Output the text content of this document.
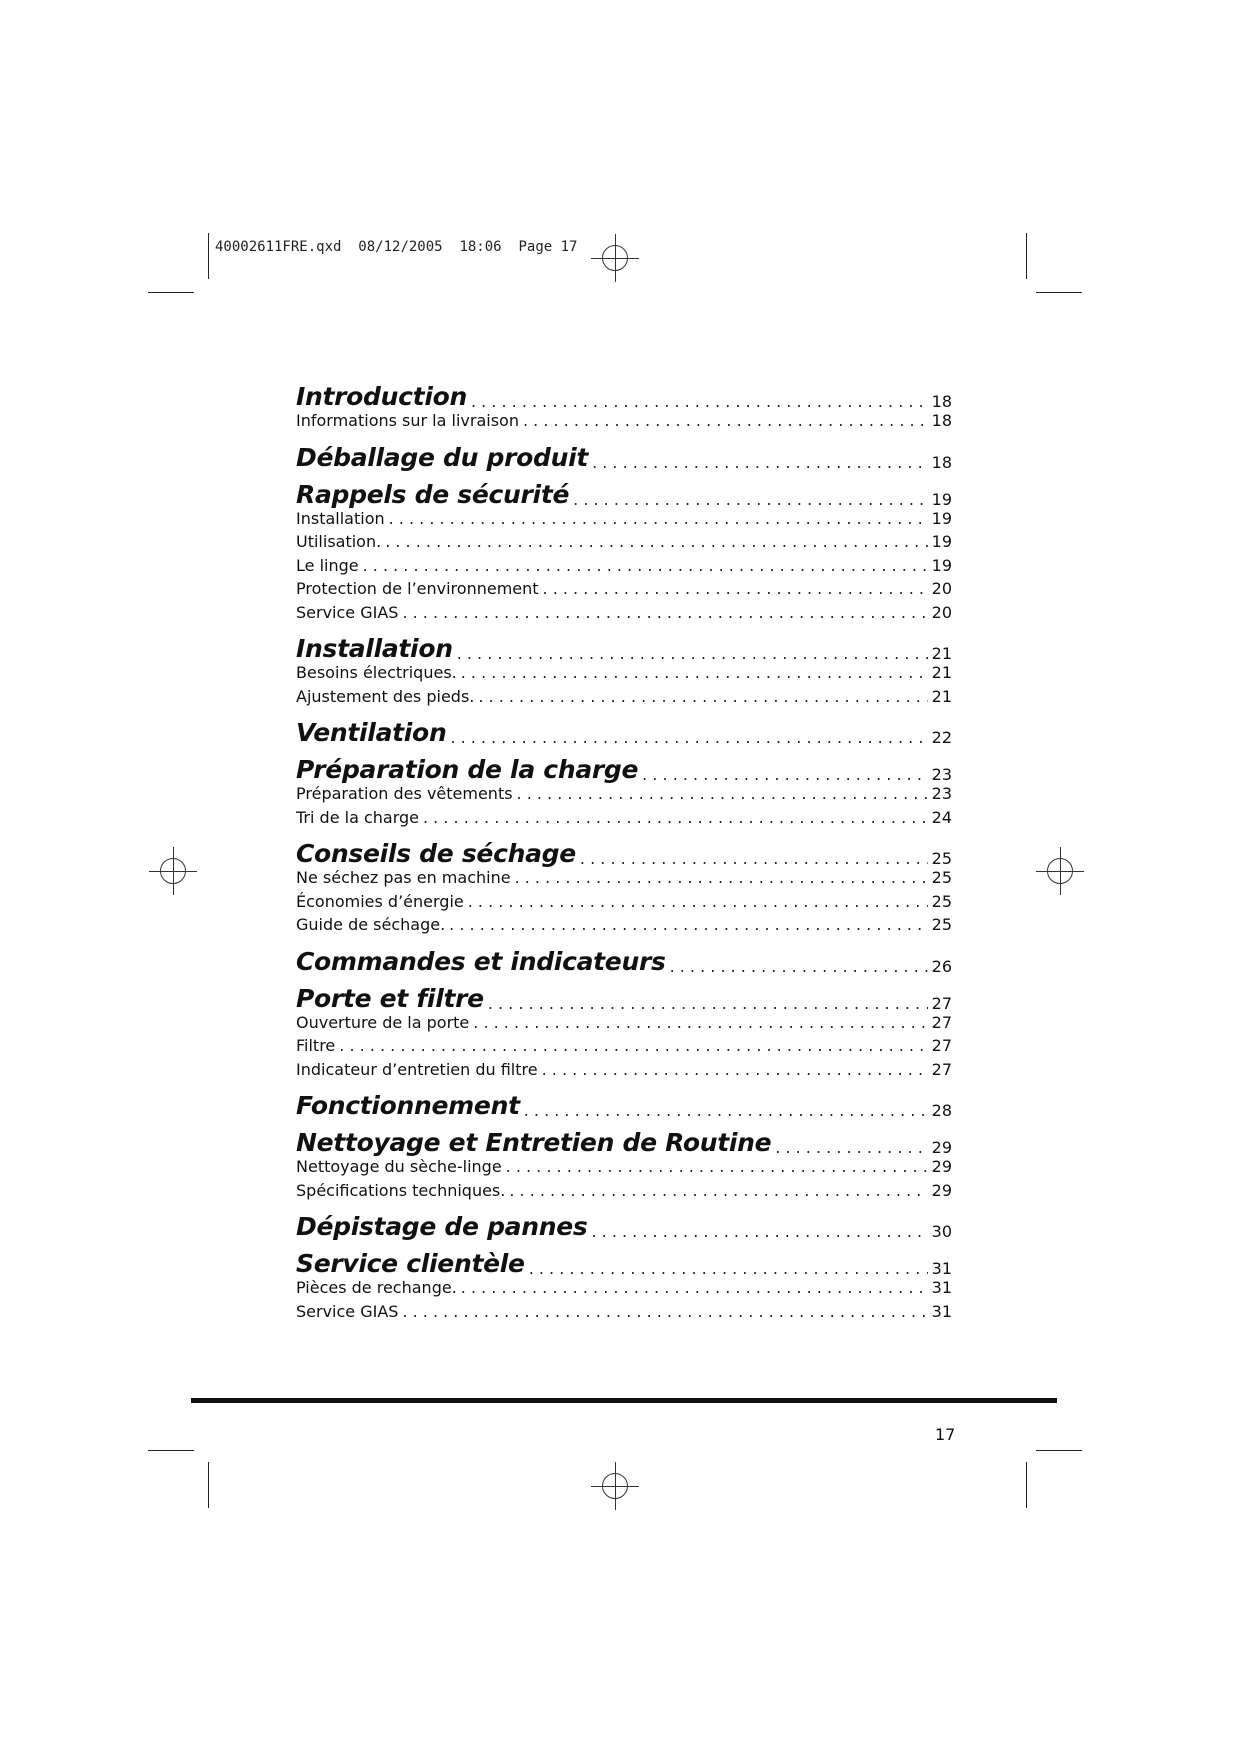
40002611FRE.qxd 08/12/2005 18:06 Page 17
Introduction . . .	18
Informations sur la livraison . . .	18
Déballage du produit . . .	18
Rappels de sécurité . . .	19
Installation . . .	19
Utilisation. . . .	19
Le linge . . .	19
Protection de l’environnement . . .	20
Service GIAS . . .	20
Installation . . .	21
Besoins électriques. . . .	21
Ajustement des pieds. . . .	21
Ventilation . . .	22
Préparation de la charge . . .	23
Préparation des vêtements . . .	23
Tri de la charge . . .	24
Conseils de séchage . . .	25
Ne séchez pas en machine . . .	25
Économies d’énergie . . .	25
Guide de séchage. . . .	25
Commandes et indicateurs . . .	26
Porte et filtre . . .	27
Ouverture de la porte . . .	27
Filtre . . .	27
Indicateur d’entretien du filtre . . .	27
Fonctionnement . . .	28
Nettoyage et Entretien de Routine . . .	29
Nettoyage du sèche-linge . . .	29
Spécifications techniques. . . .	29
Dépistage de pannes . . .	30
Service clientèle . . .	31
Pièces de rechange. . . .	31
Service GIAS . . .	31
17
